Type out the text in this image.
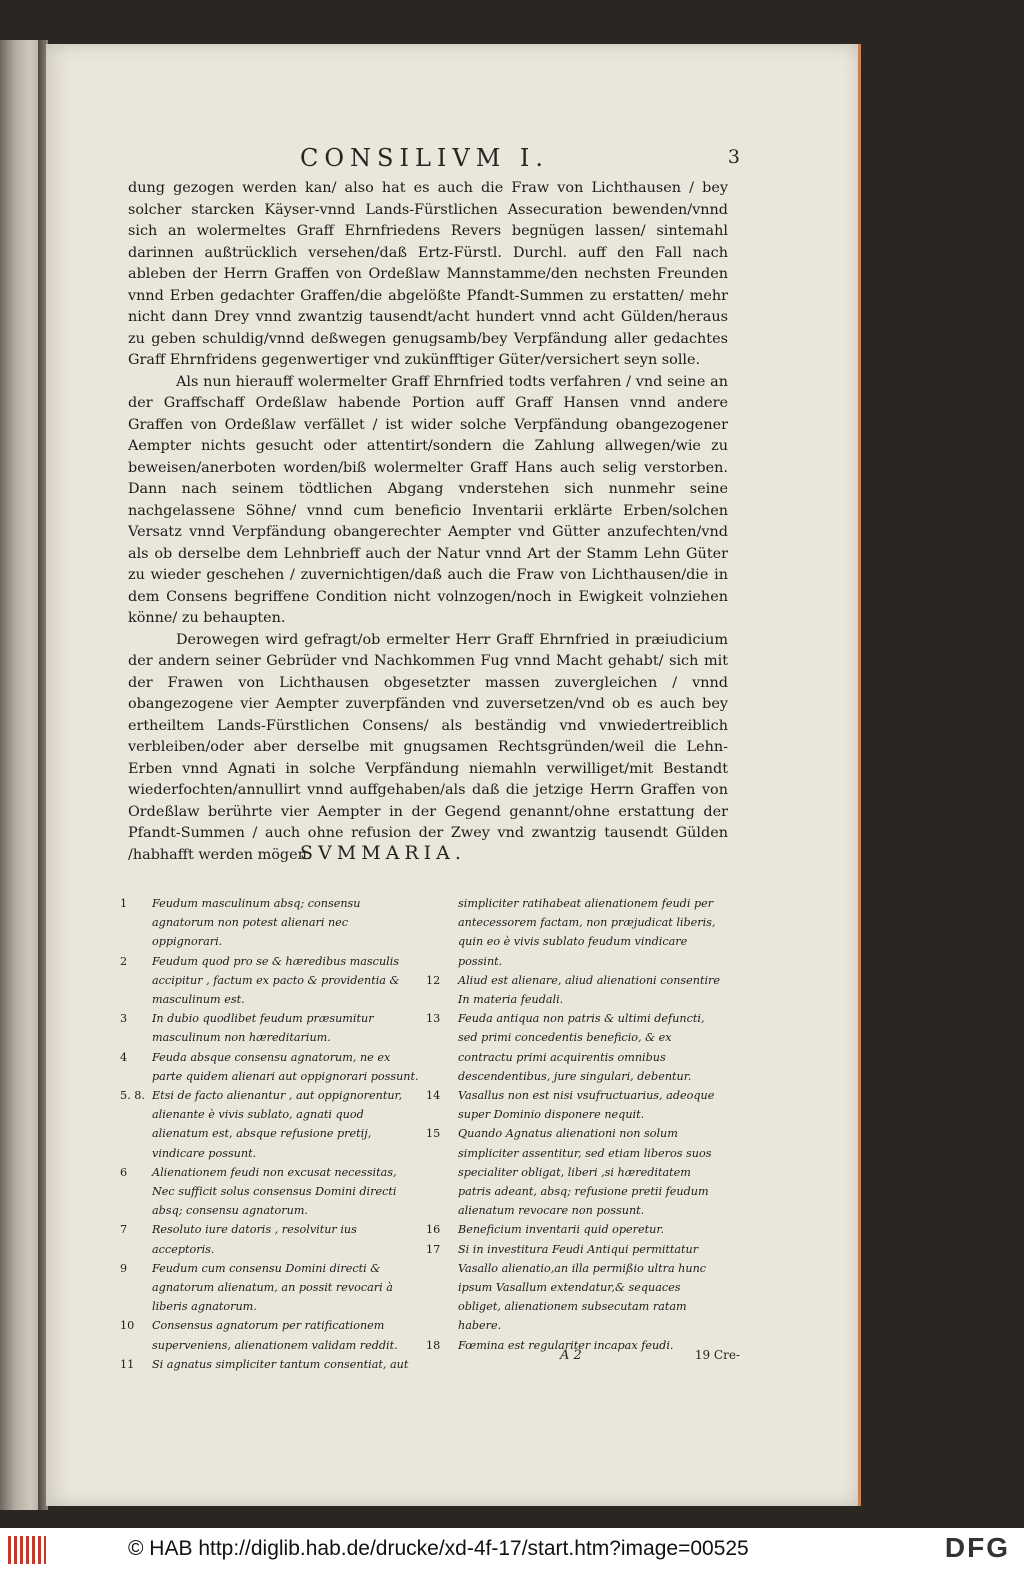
CONSILIVM I.	3

dung gezogen werden kan/ also hat es auch die Fraw von Lichthausen / bey solcher starcken Käyser-vnnd Lands-Fürstlichen Assecuration bewenden/vnnd sich an wolermeltes Graff Ehrnfriedens Revers begnügen lassen/ sintemahl darinnen außtrücklich versehen/daß Ertz-Fürstl. Durchl. auff den Fall nach ableben der Herrn Graffen von Ordeßlaw Mannstamme/den nechsten Freunden vnnd Erben gedachter Graffen/die abgelößte Pfandt-Summen zu erstatten/ mehr nicht dann Drey vnnd zwantzig tausendt/acht hundert vnnd acht Gülden/heraus zu geben schuldig/vnnd deßwegen genugsamb/bey Verpfändung aller gedachtes Graff Ehrnfridens gegenwertiger vnd zukünfftiger Güter/versichert seyn solle.

Als nun hierauff wolermelter Graff Ehrnfried todts verfahren / vnd seine an der Graffschaff Ordeßlaw habende Portion auff Graff Hansen vnnd andere Graffen von Ordeßlaw verfället / ist wider solche Verpfändung obangezogener Aempter nichts gesucht oder attentirt/sondern die Zahlung allwegen/wie zu beweisen/anerboten worden/biß wolermelter Graff Hans auch selig verstorben. Dann nach seinem tödtlichen Abgang vnderstehen sich nunmehr seine nachgelassene Söhne/ vnnd cum beneficio Inventarii erklärte Erben/solchen Versatz vnnd Verpfändung obangerechter Aempter vnd Gütter anzufechten/vnd als ob derselbe dem Lehnbrieff auch der Natur vnnd Art der Stamm Lehn Güter zu wieder geschehen / zuvernichtigen/daß auch die Fraw von Lichthausen/die in dem Consens begriffene Condition nicht volnzogen/noch in Ewigkeit volnziehen könne/ zu behaupten.

Derowegen wird gefragt/ob ermelter Herr Graff Ehrnfried in præiudicium der andern seiner Gebrüder vnd Nachkommen Fug vnnd Macht gehabt/ sich mit der Frawen von Lichthausen obgesetzter massen zuvergleichen / vnnd obangezogene vier Aempter zuverpfänden vnd zuversetzen/vnd ob es auch bey ertheiltem Lands-Fürstlichen Consens/ als beständig vnd vnwiedertreiblich verbleiben/oder aber derselbe mit gnugsamen Rechtsgründen/weil die Lehn-Erben vnnd Agnati in solche Verpfändung niemahln verwilliget/mit Bestandt wiederfochten/annullirt vnnd auffgehaben/als daß die jetzige Herrn Graffen von Ordeßlaw berührte vier Aempter in der Gegend genannt/ohne erstattung der Pfandt-Summen / auch ohne refusion der Zwey vnd zwantzig tausendt Gülden /habhafft werden mögen.

SVMMARIA.
1 Feudum masculinum absq; consensu agnatorum non potest alienari nec oppignorari.
2 Feudum quod pro se & hæredibus masculis accipitur , factum ex pacto & providentia & masculinum est.
3 In dubio quodlibet feudum præsumitur masculinum non hæreditarium.
4 Feuda absque consensu agnatorum, ne ex parte quidem alienari aut oppignorari possunt.
5. 8. Etsi de facto alienantur , aut oppignorentur, alienante è vivis sublato, agnati quod alienatum est, absque refusione pretij, vindicare possunt.
6 Alienationem feudi non excusat necessitas, Nec sufficit solus consensus Domini directi absq; consensu agnatorum.
7 Resoluto iure datoris , resolvitur ius acceptoris.
9 Feudum cum consensu Domini directi & agnatorum alienatum, an possit revocari à liberis agnatorum.
10 Consensus agnatorum per ratificationem superveniens, alienationem validam reddit.
11 Si agnatus simpliciter tantum consentiat, aut
simpliciter ratihabeat alienationem feudi per antecessorem factam, non præjudicat liberis, quin eo è vivis sublato feudum vindicare possint.
12 Aliud est alienare, aliud alienationi consentire In materia feudali.
13 Feuda antiqua non patris & ultimi defuncti, sed primi concedentis beneficio, & ex contractu primi acquirentis omnibus descendentibus, jure singulari, debentur.
14 Vasallus non est nisi vsufructuarius, adeoque super Dominio disponere nequit.
15 Quando Agnatus alienationi non solum simpliciter assentitur, sed etiam liberos suos specialiter obligat, liberi ,si hæreditatem patris adeant, absq; refusione pretii feudum alienatum revocare non possunt.
16 Beneficium inventarii quid operetur.
17 Si in investitura Feudi Antiqui permittatur Vasallo alienatio,an illa permißio ultra hunc ipsum Vasallum extendatur,& sequaces obliget, alienationem subsecutam ratam habere.
18 Fœmina est regulariter incapax feudi.
A 2	19 Cre-
© HAB http://diglib.hab.de/drucke/xd-4f-17/start.htm?image=00525	DFG
